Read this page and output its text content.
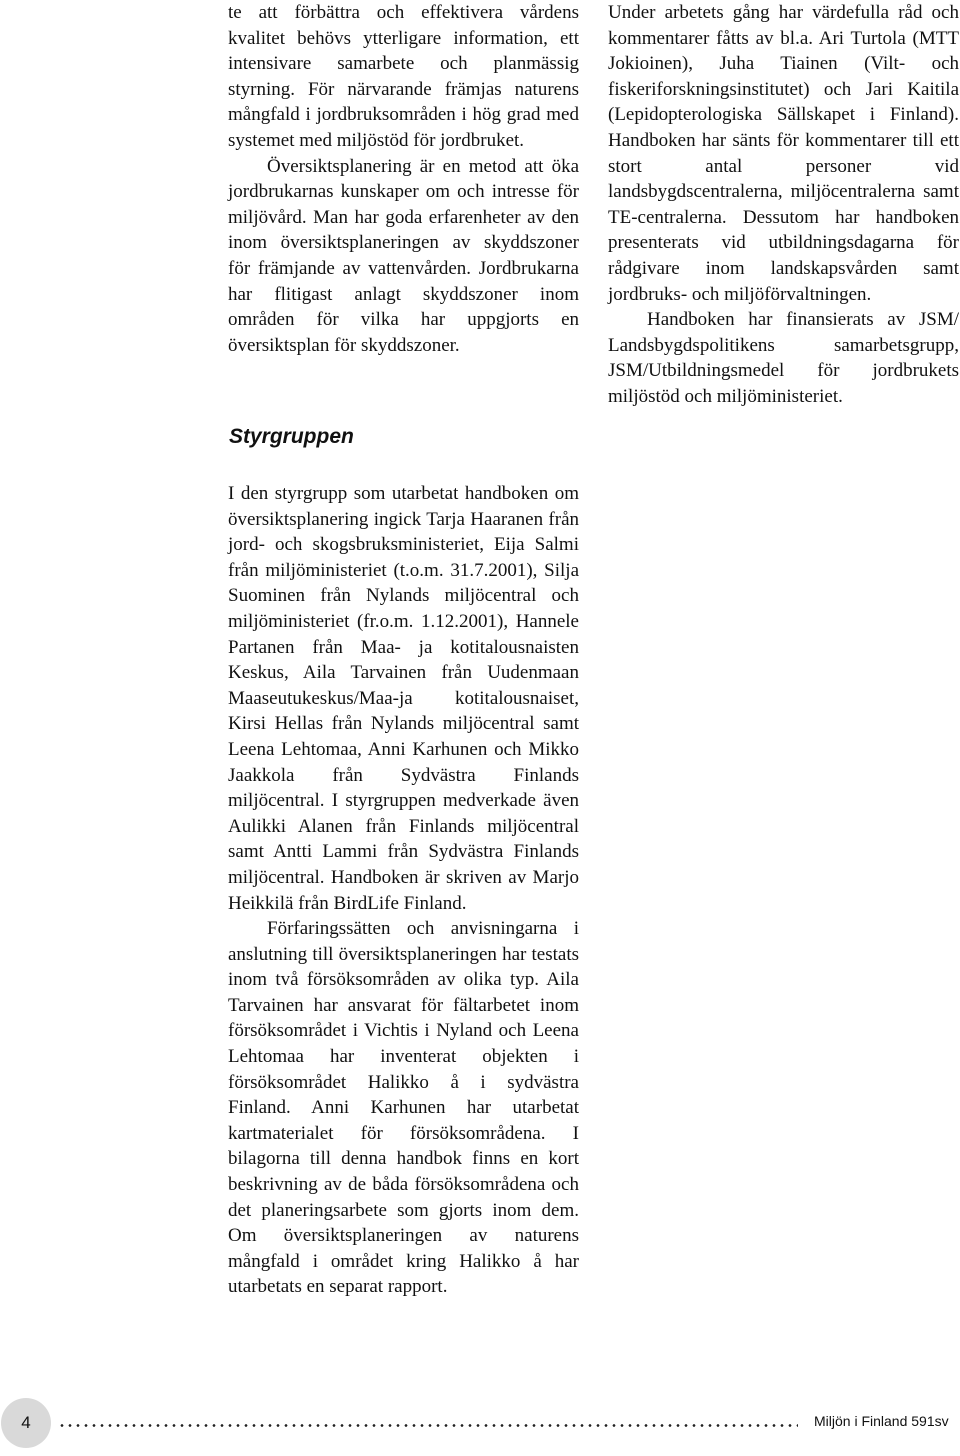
te att förbättra och effektivera vårdens kvalitet behövs ytterligare information, ett intensivare samarbete och planmässig styrning. För närvarande främjas naturens mångfald i jordbruksområden i hög grad med systemet med miljöstöd för jordbruket.

Översiktsplanering är en metod att öka jordbrukarnas kunskaper om och intresse för miljövård. Man har goda erfarenheter av den inom översiktsplaneringen av skyddszoner för främjande av vattenvården. Jordbrukarna har flitigast anlagt skyddszoner inom områden för vilka har uppgjorts en översiktsplan för skyddszoner.

Styrgruppen

I den styrgrupp som utarbetat handboken om översiktsplanering ingick Tarja Haaranen från jord- och skogsbruksministeriet, Eija Salmi från miljöministeriet (t.o.m. 31.7.2001), Silja Suominen från Nylands miljöcentral och miljöministeriet (fr.o.m. 1.12.2001), Hannele Partanen från Maa- ja kotitalousnaisten Keskus, Aila Tarvainen från Uudenmaan Maaseutukeskus/Maa-ja kotitalousnaiset, Kirsi Hellas från Nylands miljöcentral samt Leena Lehtomaa, Anni Karhunen och Mikko Jaakkola från Sydvästra Finlands miljöcentral. I styrgruppen medverkade även Aulikki Alanen från Finlands miljöcentral samt Antti Lammi från Sydvästra Finlands miljöcentral. Handboken är skriven av Marjo Heikkilä från BirdLife Finland.

Förfaringssätten och anvisningarna i anslutning till översiktsplaneringen har testats inom två försöksområden av olika typ. Aila Tarvainen har ansvarat för fältarbetet inom försöksområdet i Vichtis i Nyland och Leena Lehtomaa har inventerat objekten i försöksområdet Halikko å i sydvästra Finland. Anni Karhunen har utarbetat kartmaterialet för försöksområdena. I bilagorna till denna handbok finns en kort beskrivning av de båda försöksområdena och det planeringsarbete som gjorts inom dem. Om översiktsplaneringen av naturens mångfald i området kring Halikko å har utarbetats en separat rapport.

Under arbetets gång har värdefulla råd och kommentarer fåtts av bl.a. Ari Turtola (MTT Jokioinen), Juha Tiainen (Vilt- och fiskeriforskningsinstitutet) och Jari Kaitila (Lepidopterologiska Sällskapet i Finland). Handboken har sänts för kommentarer till ett stort antal personer vid landsbygdscentralerna, miljöcentralerna samt TE-centralerna. Dessutom har handboken presenterats vid utbildningsdagarna för rådgivare inom landskapsvården samt jordbruks- och miljöförvaltningen.

Handboken har finansierats av JSM/ Landsbygdspolitikens samarbetsgrupp, JSM/Utbildningsmedel för jordbrukets miljöstöd och miljöministeriet.

4	Miljön i Finland 591sv
